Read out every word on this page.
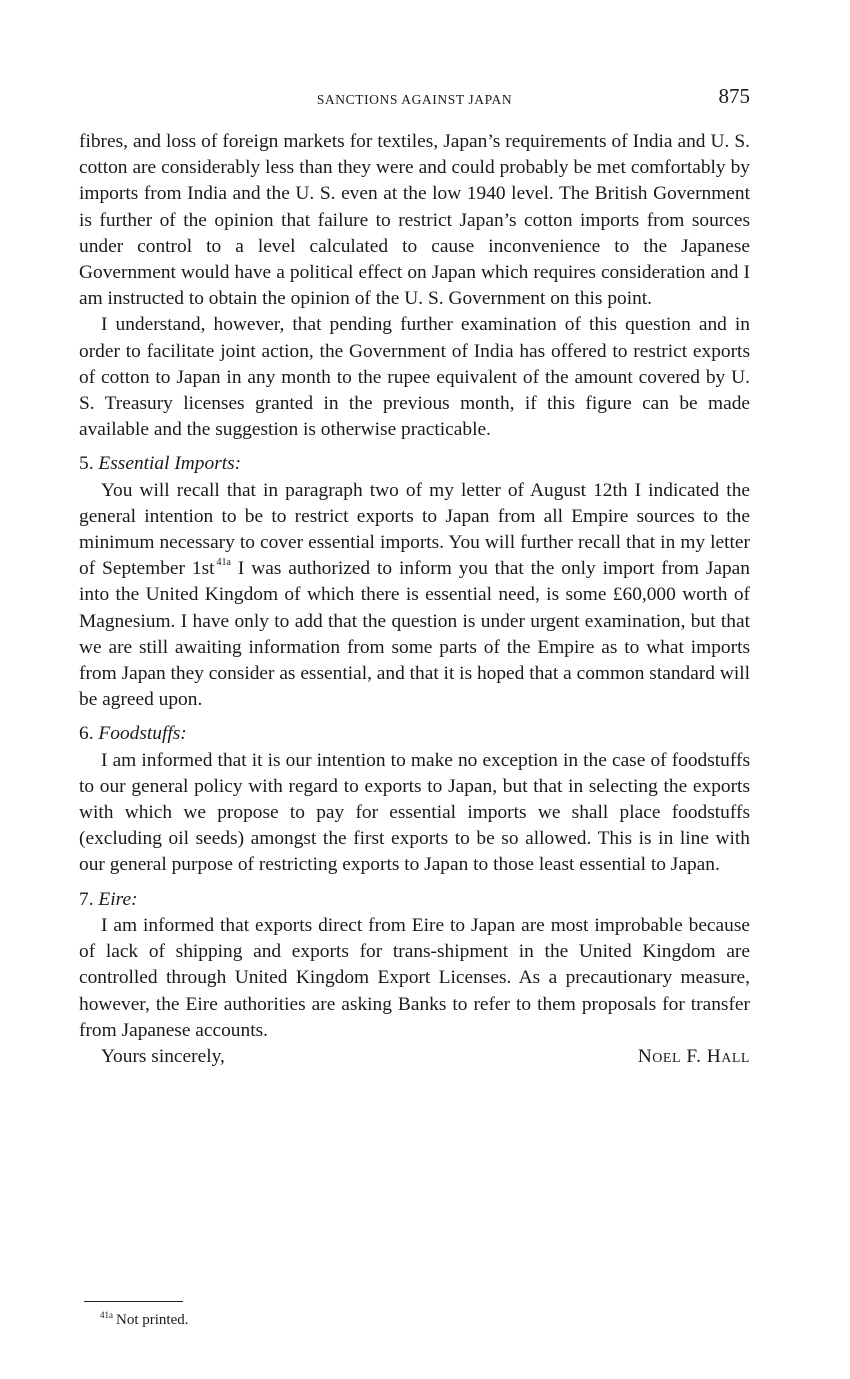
SANCTIONS AGAINST JAPAN	875

fibres, and loss of foreign markets for textiles, Japan’s requirements of India and U. S. cotton are considerably less than they were and could probably be met comfortably by imports from India and the U. S. even at the low 1940 level. The British Government is further of the opinion that failure to restrict Japan’s cotton imports from sources under control to a level calculated to cause inconvenience to the Japanese Government would have a political effect on Japan which requires consideration and I am instructed to obtain the opinion of the U. S. Government on this point.

I understand, however, that pending further examination of this question and in order to facilitate joint action, the Government of India has offered to restrict exports of cotton to Japan in any month to the rupee equivalent of the amount covered by U. S. Treasury licenses granted in the previous month, if this figure can be made available and the suggestion is otherwise practicable.

5. Essential Imports:

You will recall that in paragraph two of my letter of August 12th I indicated the general intention to be to restrict exports to Japan from all Empire sources to the minimum necessary to cover essential imports. You will further recall that in my letter of September 1st $^{41a}$ I was authorized to inform you that the only import from Japan into the United Kingdom of which there is essential need, is some £60,000 worth of Magnesium. I have only to add that the question is under urgent examination, but that we are still awaiting information from some parts of the Empire as to what imports from Japan they consider as essential, and that it is hoped that a common standard will be agreed upon.

6. Foodstuffs:

I am informed that it is our intention to make no exception in the case of foodstuffs to our general policy with regard to exports to Japan, but that in selecting the exports with which we propose to pay for essential imports we shall place foodstuffs (excluding oil seeds) amongst the first exports to be so allowed. This is in line with our general purpose of restricting exports to Japan to those least essential to Japan.

7. Eire:

I am informed that exports direct from Eire to Japan are most improbable because of lack of shipping and exports for trans-shipment in the United Kingdom are controlled through United Kingdom Export Licenses. As a precautionary measure, however, the Eire authorities are asking Banks to refer to them proposals for transfer from Japanese accounts.

Yours sincerely,	Noel F. Hall
$^{41a}$ Not printed.
